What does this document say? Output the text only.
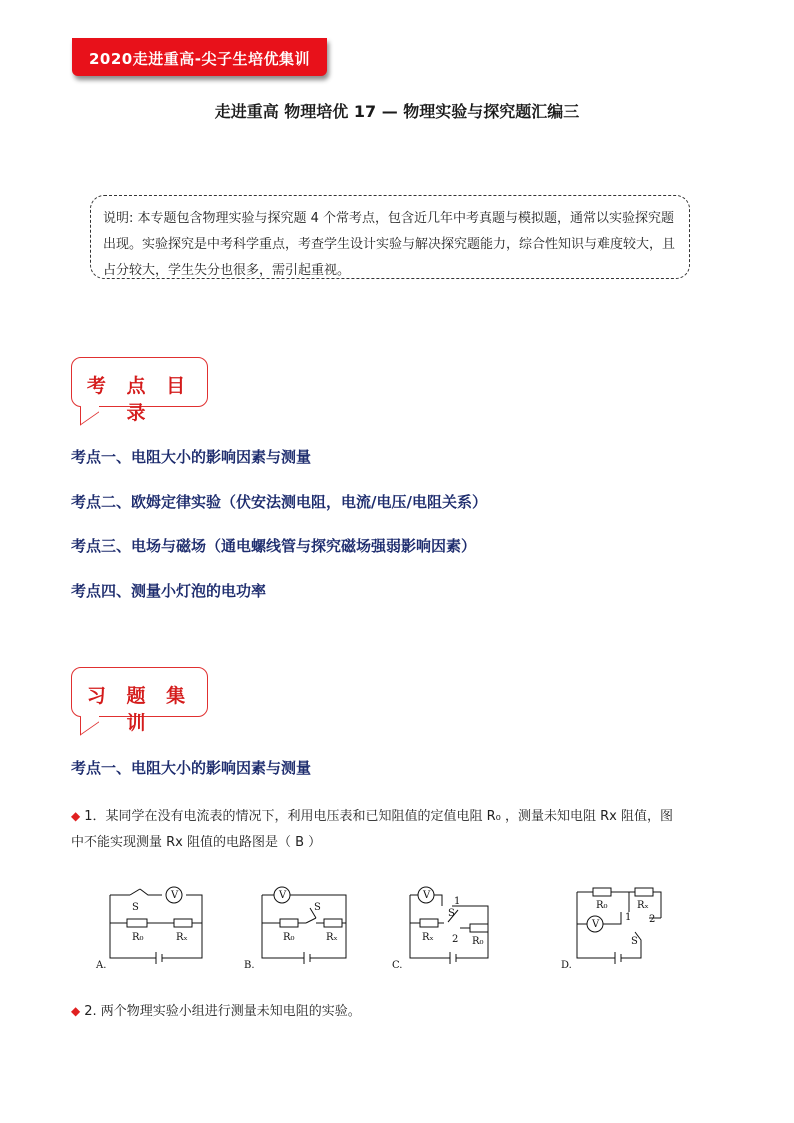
2020走进重高-尖子生培优集训
走进重高 物理培优 17 — 物理实验与探究题汇编三
说明: 本专题包含物理实验与探究题 4 个常考点，包含近几年中考真题与模拟题，通常以实验探究题出现。实验探究是中考科学重点，考查学生设计实验与解决探究题能力，综合性知识与难度较大，且占分较大，学生失分也很多，需引起重视。
考 点 目 录
考点一、电阻大小的影响因素与测量
考点二、欧姆定律实验（伏安法测电阻，电流/电压/电阻关系）
考点三、电场与磁场（通电螺线管与探究磁场强弱影响因素）
考点四、测量小灯泡的电功率
习 题 集 训
考点一、电阻大小的影响因素与测量
◆ 1．某同学在没有电流表的情况下，利用电压表和已知阻值的定值电阻 R₀ ，测量未知电阻 Rx 阻值，图
中不能实现测量 Rx 阻值的电路图是（ B ）
V
S
R₀	Rₓ
A.
V
S
R₀	Rₓ
B.
V
1
S
2
Rₓ	R₀
C.
V
R₀	Rₓ
1 2
S
D.
◆ 2. 两个物理实验小组进行测量未知电阻的实验。
